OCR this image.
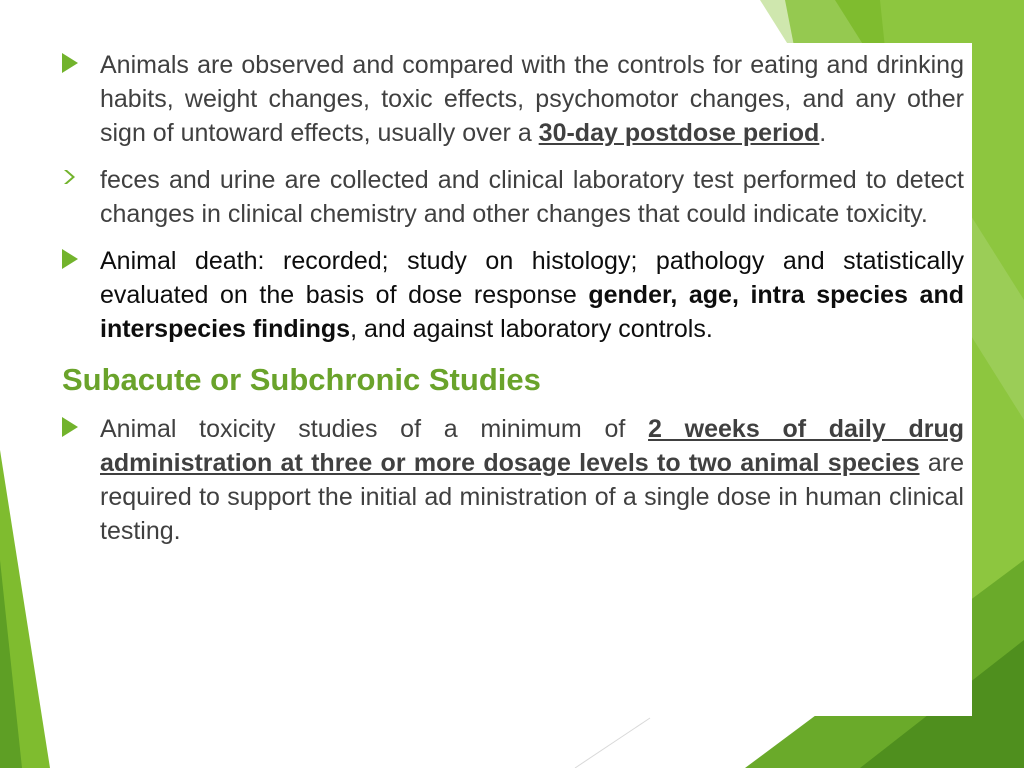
Animals are observed and compared with the controls for eating and drinking habits, weight changes, toxic effects, psychomotor changes, and any other sign of untoward effects, usually over a 30-day postdose period.
feces and urine are collected and clinical laboratory test performed to detect changes in clinical chemistry and other changes that could indicate toxicity.
Animal death: recorded; study on histology; pathology and statistically evaluated on the basis of dose response gender, age, intra species and interspecies findings, and against laboratory controls.
Subacute or Subchronic Studies
Animal toxicity studies of a minimum of 2 weeks of daily drug administration at three or more dosage levels to two animal species are required to support the initial ad ministration of a single dose in human clinical testing.
